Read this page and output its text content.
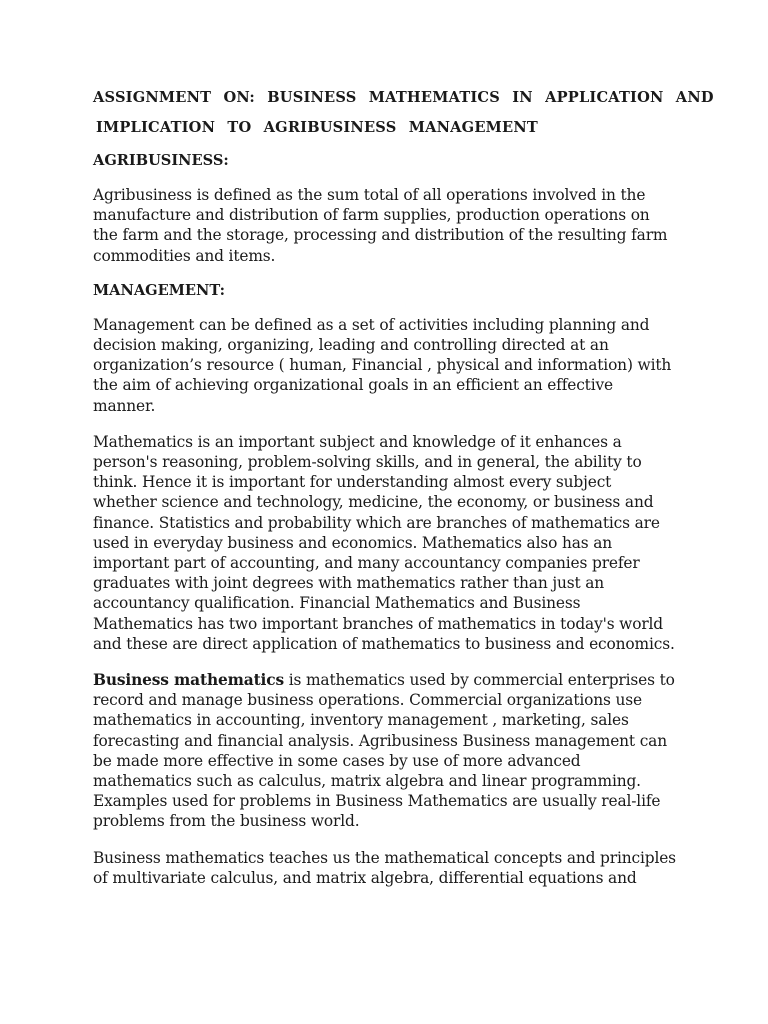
ASSIGNMENT ON: BUSINESS MATHEMATICS IN APPLICATION AND

IMPLICATION TO AGRIBUSINESS MANAGEMENT

AGRIBUSINESS:

Agribusiness is defined as the sum total of all operations involved in the manufacture and distribution of farm supplies, production operations on the farm and the storage, processing and distribution of the resulting farm commodities and items.

MANAGEMENT:

Management can be defined as a set of activities including planning and decision making, organizing, leading and controlling directed at an organization’s resource ( human, Financial , physical and information) with the aim of achieving organizational goals in an efficient an effective manner.

Mathematics is an important subject and knowledge of it enhances a person's reasoning, problem-solving skills, and in general, the ability to think. Hence it is important for understanding almost every subject whether science and technology, medicine, the economy, or business and finance. Statistics and probability which are branches of mathematics are used in everyday business and economics. Mathematics also has an important part of accounting, and many accountancy companies prefer graduates with joint degrees with mathematics rather than just an accountancy qualification. Financial Mathematics and Business Mathematics has two important branches of mathematics in today's world and these are direct application of mathematics to business and economics.

Business mathematics is mathematics used by commercial enterprises to record and manage business operations. Commercial organizations use mathematics in accounting, inventory management , marketing, sales forecasting and financial analysis. Agribusiness Business management can be made more effective in some cases by use of more advanced mathematics such as calculus, matrix algebra and linear programming. Examples used for problems in Business Mathematics are usually real-life problems from the business world.

Business mathematics teaches us the mathematical concepts and principles of multivariate calculus, and matrix algebra, differential equations and
